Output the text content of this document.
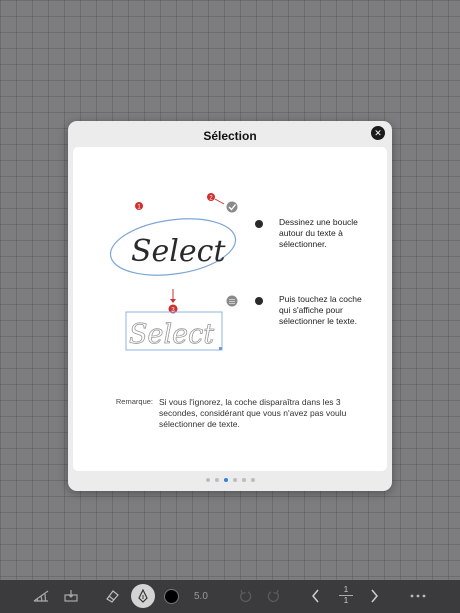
Sélection	✕
Select
1
2
3
Select
Dessinez une boucle autour du texte à sélectionner.
Puis touchez la coche qui s'affiche pour sélectionner le texte.
Remarque: Si vous l'ignorez, la coche disparaîtra dans les 3 secondes, considérant que vous n'avez pas voulu sélectionner de texte.
5.0
1
1
